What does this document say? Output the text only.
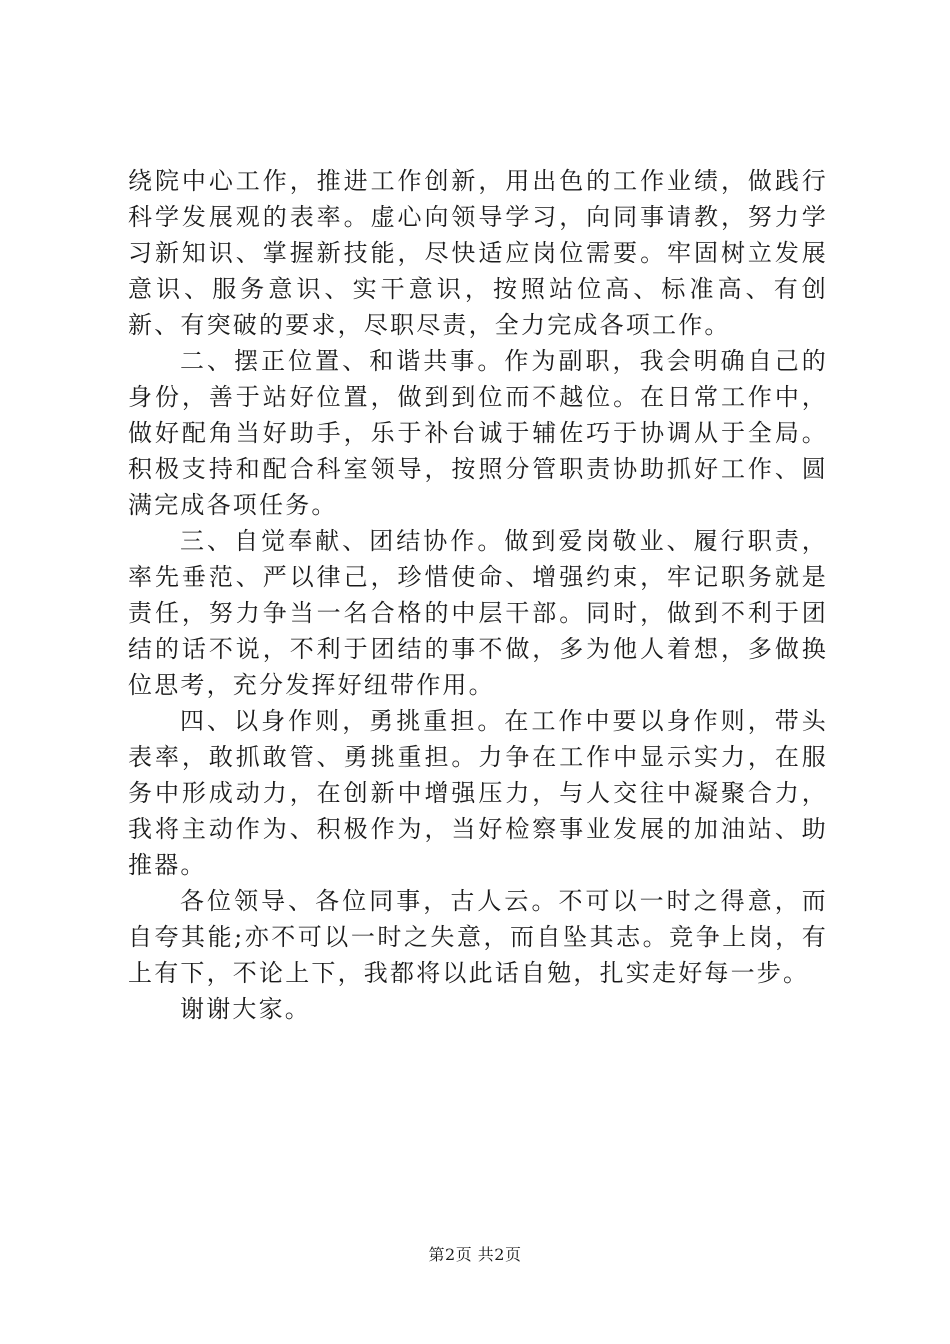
绕院中心工作，推进工作创新，用出色的工作业绩，做践行科学发展观的表率。虚心向领导学习，向同事请教，努力学习新知识、掌握新技能，尽快适应岗位需要。牢固树立发展意识、服务意识、实干意识，按照站位高、标准高、有创新、有突破的要求，尽职尽责，全力完成各项工作。

二、摆正位置、和谐共事。作为副职，我会明确自己的身份，善于站好位置，做到到位而不越位。在日常工作中，做好配角当好助手，乐于补台诚于辅佐巧于协调从于全局。积极支持和配合科室领导，按照分管职责协助抓好工作、圆满完成各项任务。

三、自觉奉献、团结协作。做到爱岗敬业、履行职责，率先垂范、严以律己，珍惜使命、增强约束，牢记职务就是责任，努力争当一名合格的中层干部。同时，做到不利于团结的话不说，不利于团结的事不做，多为他人着想，多做换位思考，充分发挥好纽带作用。

四、以身作则，勇挑重担。在工作中要以身作则，带头表率，敢抓敢管、勇挑重担。力争在工作中显示实力，在服务中形成动力，在创新中增强压力，与人交往中凝聚合力，我将主动作为、积极作为，当好检察事业发展的加油站、助推器。

各位领导、各位同事，古人云。不可以一时之得意，而自夸其能;亦不可以一时之失意，而自坠其志。竞争上岗，有上有下，不论上下，我都将以此话自勉，扎实走好每一步。

谢谢大家。

第2页 共2页
